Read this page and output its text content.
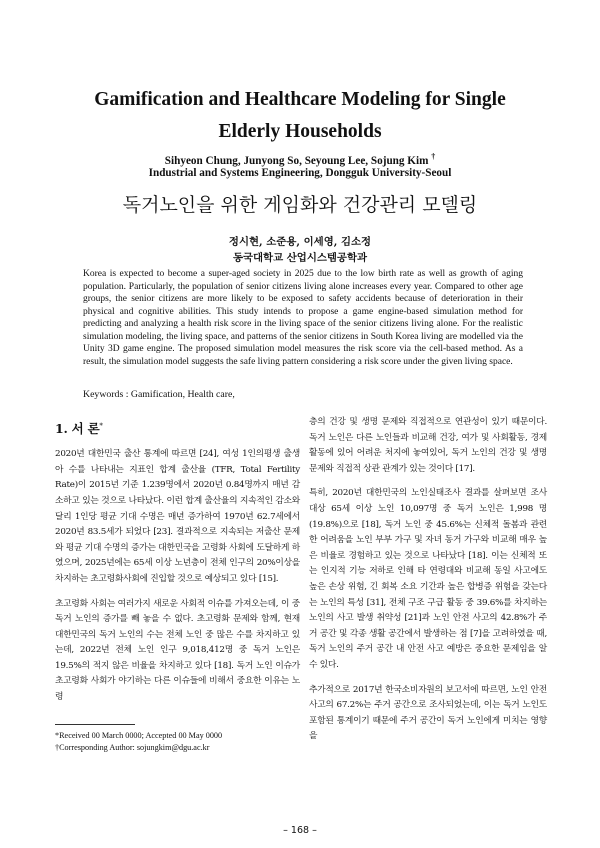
Gamification and Healthcare Modeling for Single
Elderly Households
Sihyeon Chung, Junyong So, Seyoung Lee, Sojung Kim †
Industrial and Systems Engineering, Dongguk University-Seoul
독거노인을 위한 게임화와 건강관리 모델링
정시현, 소준용, 이세영, 김소정
동국대학교 산업시스템공학과

Korea is expected to become a super-aged society in 2025 due to the low birth rate as well as growth of aging population. Particularly, the population of senior citizens living alone increases every year. Compared to other age groups, the senior citizens are more likely to be exposed to safety accidents because of deterioration in their physical and cognitive abilities. This study intends to propose a game engine-based simulation method for predicting and analyzing a health risk score in the living space of the senior citizens living alone. For the realistic simulation modeling, the living space, and patterns of the senior citizens in South Korea living are modelled via the Unity 3D game engine. The proposed simulation model measures the risk score via the cell-based method. As a result, the simulation model suggests the safe living pattern considering a risk score under the given living space.

Keywords : Gamification, Health care,
1. 서 론*

2020년 대한민국 출산 통계에 따르면 [24], 여성 1인의평생 출생아 수를 나타내는 지표인 합계 출산율 (TFR, Total Fertility Rate)이 2015년 기준 1.239명에서 2020년 0.84명까지 매년 감소하고 있는 것으로 나타났다. 이런 합계 출산율의 지속적인 감소와 달리 1인당 평균 기대 수명은 매년 증가하여 1970년 62.7세에서 2020년 83.5세가 되었다 [23]. 결과적으로 지속되는 저출산 문제와 평균 기대 수명의 증가는 대한민국을 고령화 사회에 도달하게 하였으며, 2025년에는 65세 이상 노년층이 전체 인구의 20%이상을 차지하는 초고령화사회에 진입할 것으로 예상되고 있다 [15].

초고령화 사회는 여러가지 새로운 사회적 이슈를 가져오는데, 이 중 독거 노인의 증가를 빼 놓을 수 없다. 초고령화 문제와 함께, 현재 대한민국의 독거 노인의 수는 전체 노인 중 많은 수를 차지하고 있는데, 2022년 전체 노인 인구 9,018,412명 중 독거 노인은 19.5%의 적지 않은 비율을 차지하고 있다 [18]. 독거 노인 이슈가 초고령화 사회가 야기하는 다른 이슈들에 비해서 중요한 이유는 노령

층의 건강 및 생명 문제와 직접적으로 연관성이 있기 때문이다. 독거 노인은 다른 노인들과 비교해 건강, 여가 및 사회활동, 경제 활동에 있어 어려운 처지에 놓여있어, 독거 노인의 건강 및 생명 문제와 직접적 상관 관계가 있는 것이다 [17].

특히, 2020년 대한민국의 노인실태조사 결과를 살펴보면 조사 대상 65세 이상 노인 10,097명 중 독거 노인은 1,998 명(19.8%)으로 [18], 독거 노인 중 45.6%는 신체적 돌봄과 관련한 어려움을 노인 부부 가구 및 자녀 동거 가구와 비교해 매우 높은 비율로 경험하고 있는 것으로 나타났다 [18]. 이는 신체적 또는 인지적 기능 저하로 인해 타 연령대와 비교해 동일 사고에도 높은 손상 위험, 긴 회복 소요 기간과 높은 합병증 위험을 갖는다는 노인의 특성 [31], 전체 구조 구급 활동 중 39.6%를 차지하는 노인의 사고 발생 취약성 [21]과 노인 안전 사고의 42.8%가 주거 공간 및 각종 생활 공간에서 발생하는 점 [7]을 고려하였을 때, 독거 노인의 주거 공간 내 안전 사고 예방은 중요한 문제임을 알 수 있다.

추가적으로 2017년 한국소비자원의 보고서에 따르면, 노인 안전 사고의 67.2%는 주거 공간으로 조사되었는데, 이는 독거 노인도 포함된 통계이기 때문에 주거 공간이 독거 노인에게 미치는 영향을

*Received 00 March 0000; Accepted 00 May 0000
†Corresponding Author: sojungkim@dgu.ac.kr
– 168 –
